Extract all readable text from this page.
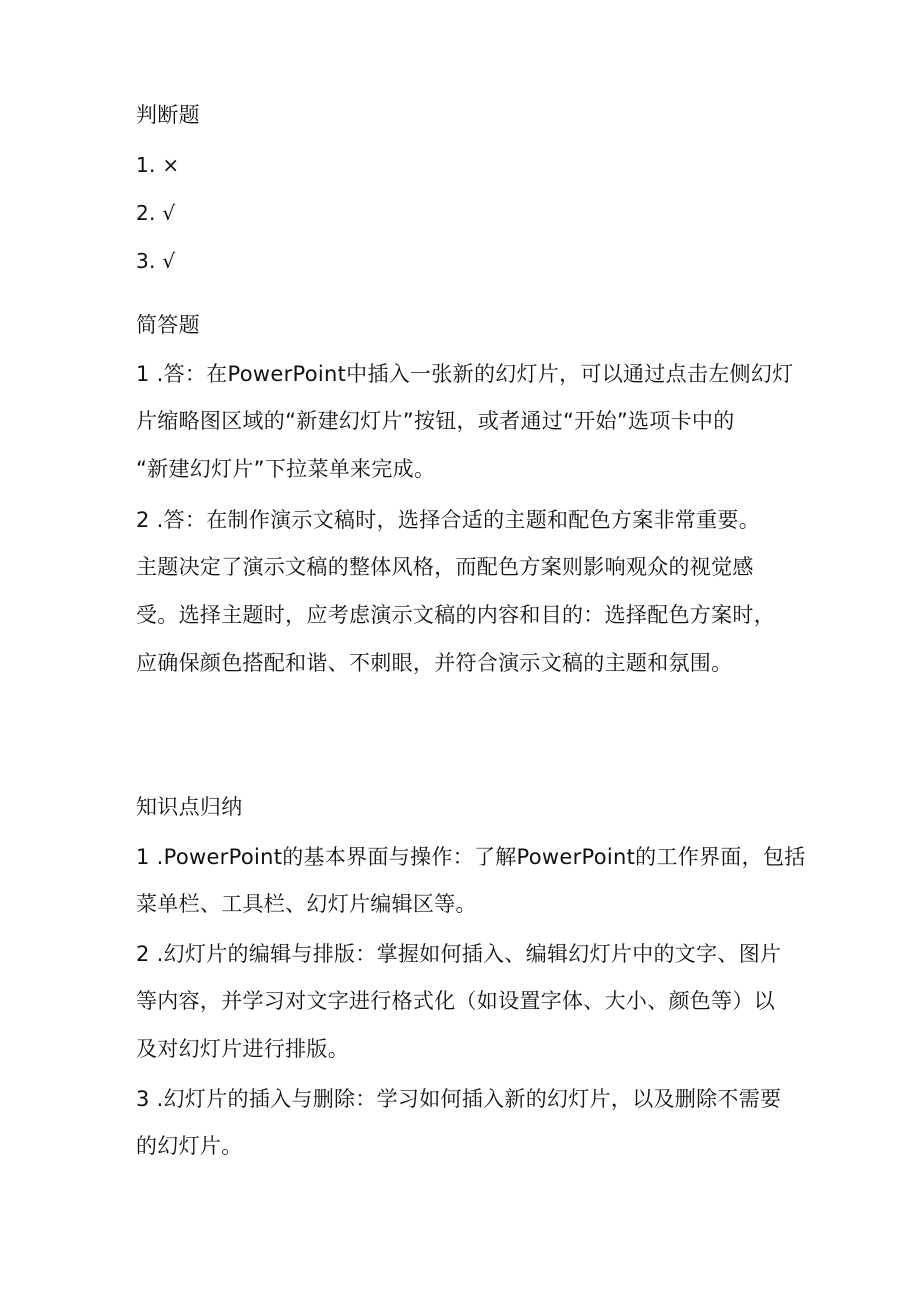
判断题
1. ×
2. √
3. √
简答题
1 .答：在PowerPoint中插入一张新的幻灯片，可以通过点击左侧幻灯
片缩略图区域的“新建幻灯片”按钮，或者通过“开始”选项卡中的
“新建幻灯片”下拉菜单来完成。
2 .答：在制作演示文稿时，选择合适的主题和配色方案非常重要。
主题决定了演示文稿的整体风格，而配色方案则影响观众的视觉感
受。选择主题时，应考虑演示文稿的内容和目的：选择配色方案时，
应确保颜色搭配和谐、不刺眼，并符合演示文稿的主题和氛围。
知识点归纳
1 .PowerPoint的基本界面与操作：了解PowerPoint的工作界面，包括
菜单栏、工具栏、幻灯片编辑区等。
2 .幻灯片的编辑与排版：掌握如何插入、编辑幻灯片中的文字、图片
等内容，并学习对文字进行格式化（如设置字体、大小、颜色等）以
及对幻灯片进行排版。
3 .幻灯片的插入与删除：学习如何插入新的幻灯片，以及删除不需要
的幻灯片。
